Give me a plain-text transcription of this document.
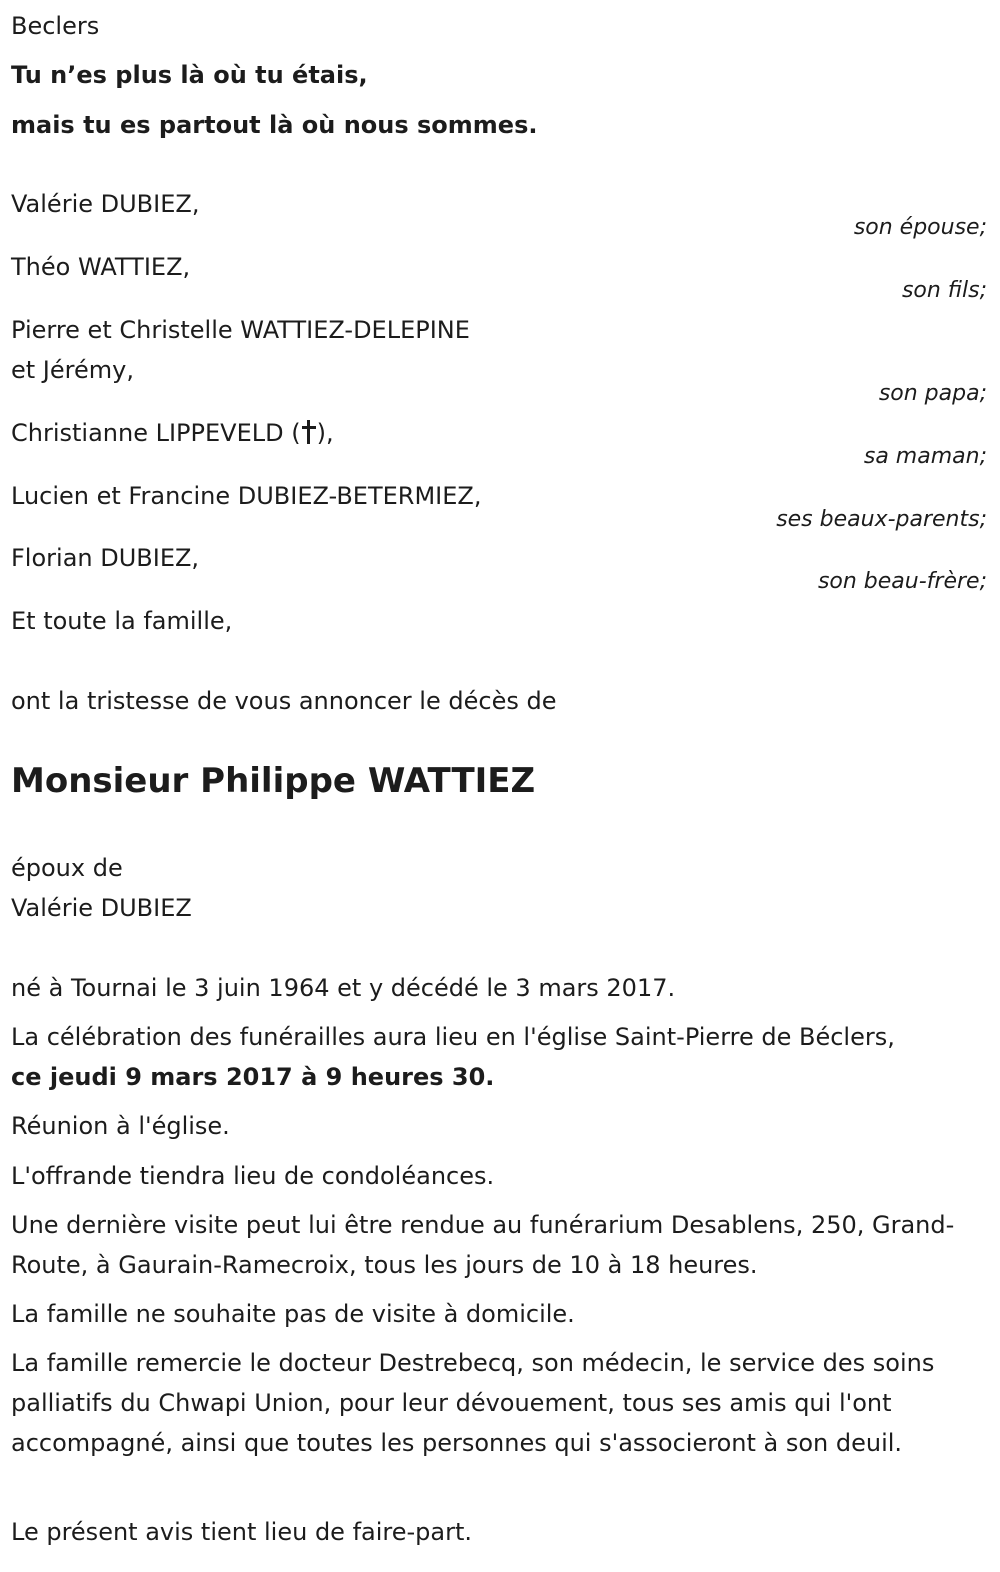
Beclers

Tu n’es plus là où tu étais,

mais tu es partout là où nous sommes.

Valérie DUBIEZ,

son épouse;

Théo WATTIEZ,

son fils;

Pierre et Christelle WATTIEZ-DELEPINE

et Jérémy,

son papa;

Christianne LIPPEVELD ( ),

sa maman;

Lucien et Francine DUBIEZ-BETERMIEZ,

ses beaux-parents;

Florian DUBIEZ,

son beau-frère;

Et toute la famille,

ont la tristesse de vous annoncer le décès de

Monsieur Philippe WATTIEZ

époux de

Valérie DUBIEZ

né à Tournai le 3 juin 1964 et y décédé le 3 mars 2017.

La célébration des funérailles aura lieu en l'église Saint-Pierre de Béclers,

ce jeudi 9 mars 2017 à 9 heures 30.

Réunion à l'église.

L'offrande tiendra lieu de condoléances.

Une dernière visite peut lui être rendue au funérarium Desablens, 250, Grand-Route, à Gaurain-Ramecroix, tous les jours de 10 à 18 heures.

La famille ne souhaite pas de visite à domicile.

La famille remercie le docteur Destrebecq, son médecin, le service des soins palliatifs du Chwapi Union, pour leur dévouement, tous ses amis qui l'ont accompagné, ainsi que toutes les personnes qui s'associeront à son deuil.

Le présent avis tient lieu de faire-part.
